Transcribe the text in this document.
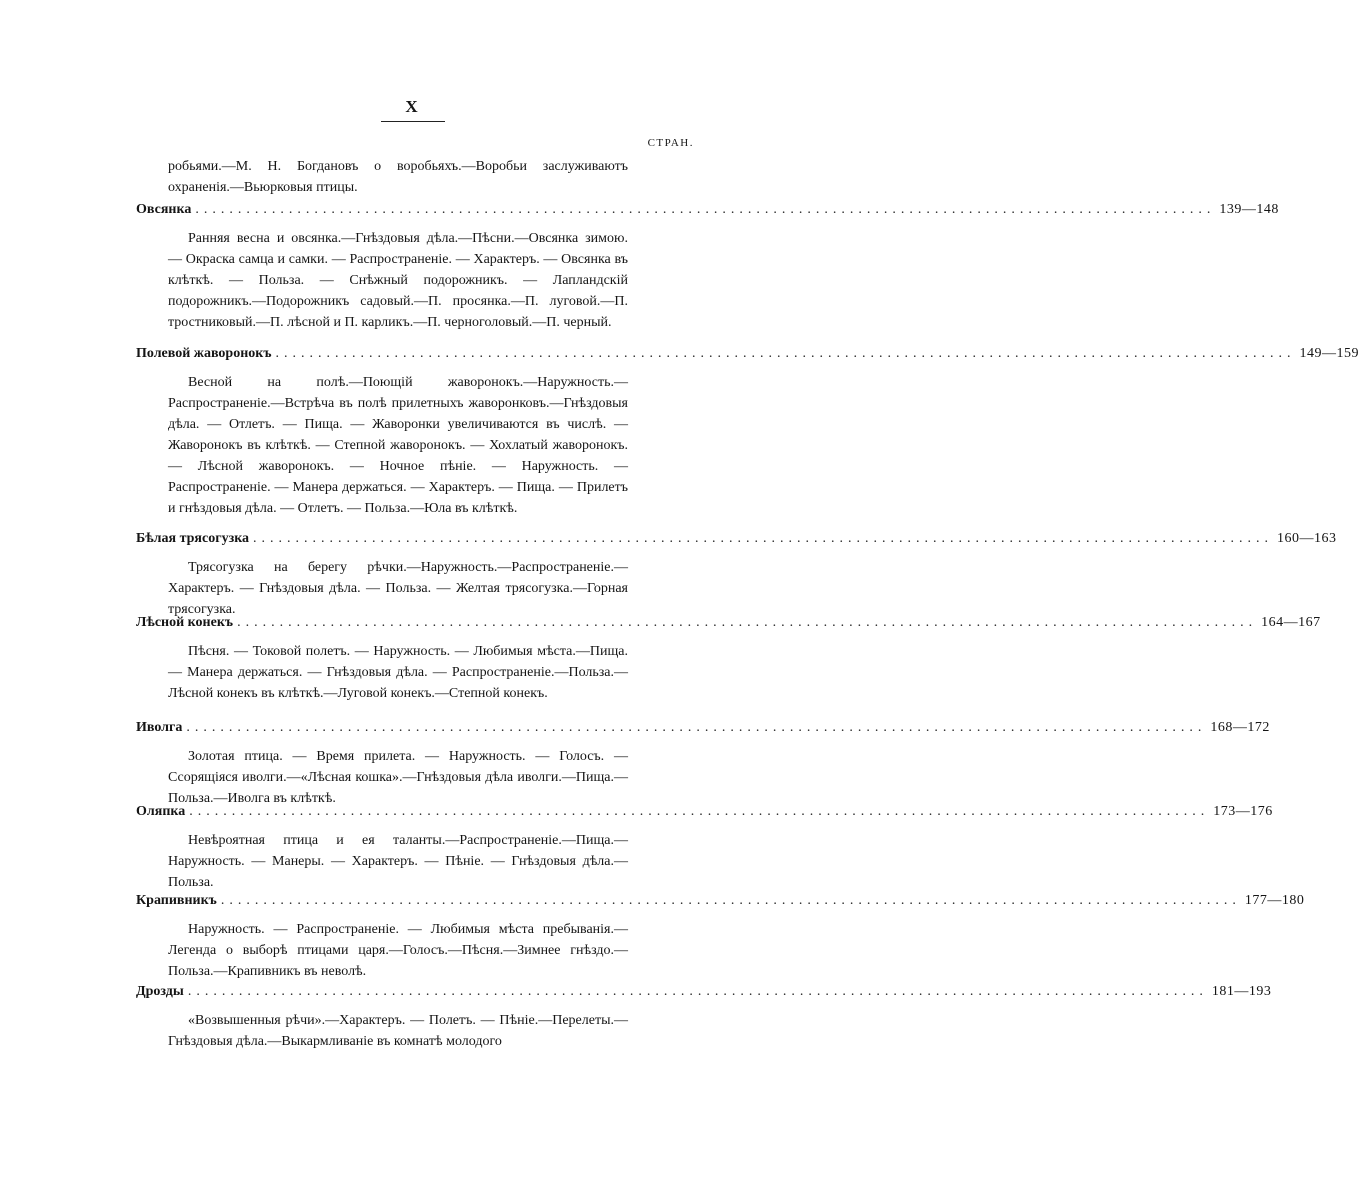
X
СТРАН.
робьями.—М. Н. Богдановъ о воробьяхъ.—Воробьи заслуживаютъ охраненія.—Вьюрковыя птицы.
Овсянка ........................................................................................................................ 139—148
Ранняя весна и овсянка.—Гнѣздовыя дѣла.—Пѣсни.—Овсянка зимою. — Окраска самца и самки. — Распространеніе. — Характеръ. — Овсянка въ клѣткѣ. — Польза. — Снѣжный подорожникъ. — Лапландскій подорожникъ.—Подорожникъ садовый.—П. просянка.—П. луговой.—П. тростниковый.—П. лѣсной и П. карликъ.—П. черноголовый.—П. черный.
Полевой жаворонокъ ........................................................................................................................ 149—159
Весной на полѣ.—Поющій жаворонокъ.—Наружность.—Распространеніе.—Встрѣча въ полѣ прилетныхъ жаворонковъ.—Гнѣздовыя дѣла. — Отлетъ. — Пища. — Жаворонки увеличиваются въ числѣ. — Жаворонокъ въ клѣткѣ. — Степной жаворонокъ. — Хохлатый жаворонокъ. — Лѣсной жаворонокъ. — Ночное пѣніе. — Наружность. — Распространеніе. — Манера держаться. — Характеръ. — Пища. — Прилетъ и гнѣздовыя дѣла. — Отлетъ. — Польза.—Юла въ клѣткѣ.
Бѣлая трясогузка ........................................................................................................................ 160—163
Трясогузка на берегу рѣчки.—Наружность.—Распространеніе.—Характеръ. — Гнѣздовыя дѣла. — Польза. — Желтая трясогузка.—Горная трясогузка.
Лѣсной конекъ ........................................................................................................................ 164—167
Пѣсня. — Токовой полетъ. — Наружность. — Любимыя мѣста.—Пища. — Манера держаться. — Гнѣздовыя дѣла. — Распространеніе.—Польза.—Лѣсной конекъ въ клѣткѣ.—Луговой конекъ.—Степной конекъ.
Иволга ........................................................................................................................ 168—172
Золотая птица. — Время прилета. — Наружность. — Голосъ. — Ссорящіяся иволги.—«Лѣсная кошка».—Гнѣздовыя дѣла иволги.—Пища.—Польза.—Иволга въ клѣткѣ.
Оляпка ........................................................................................................................ 173—176
Невѣроятная птица и ея таланты.—Распространеніе.—Пища.—Наружность. — Манеры. — Характеръ. — Пѣніе. — Гнѣздовыя дѣла.—Польза.
Крапивникъ ........................................................................................................................ 177—180
Наружность. — Распространеніе. — Любимыя мѣста пребыванія.—Легенда о выборѣ птицами царя.—Голосъ.—Пѣсня.—Зимнее гнѣздо.—Польза.—Крапивникъ въ неволѣ.
Дрозды ........................................................................................................................ 181—193
«Возвышенныя рѣчи».—Характеръ. — Полетъ. — Пѣніе.—Перелеты.—Гнѣздовыя дѣла.—Выкармливаніе въ комнатѣ молодого
